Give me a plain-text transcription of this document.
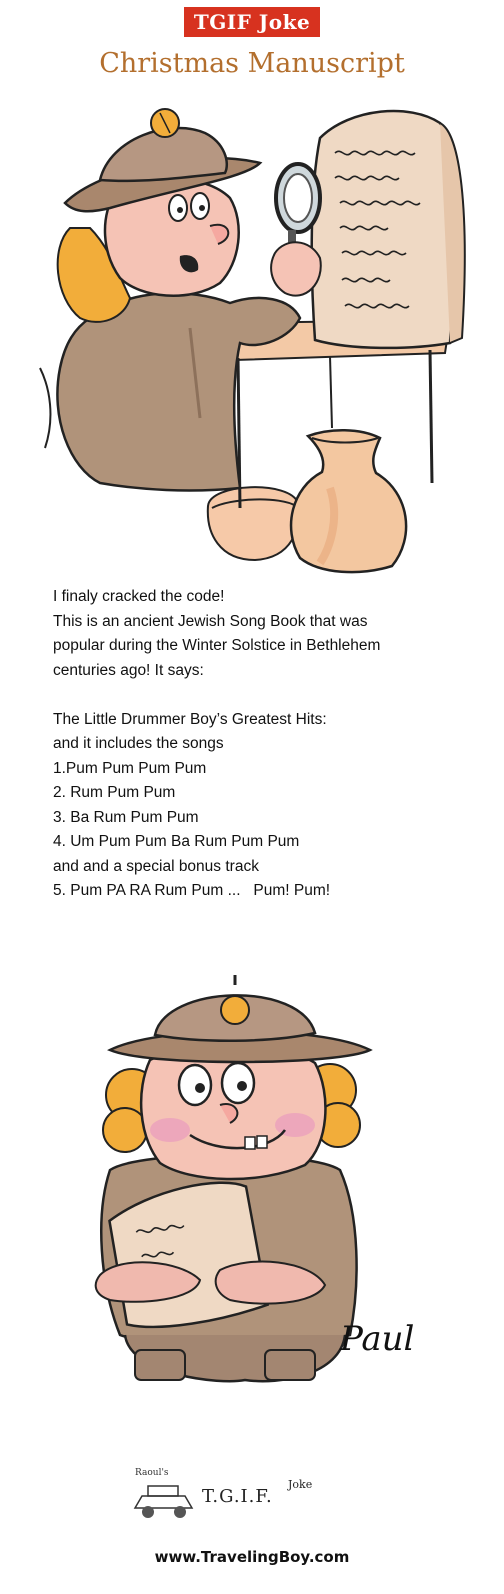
TGIF Joke
Christmas Manuscript
I finaly cracked the code!
This is an ancient Jewish Song Book that was
popular during the Winter Solstice in Bethlehem
centuries ago! It says:
The Little Drummer Boy’s Greatest Hits:
and it includes the songs
1.Pum Pum Pum Pum
2. Rum Pum Pum
3. Ba Rum Pum Pum
4. Um Pum Pum Ba Rum Pum Pum
and and a special bonus track
5. Pum PA RA Rum Pum ...   Pum! Pum!
Paul
Raoul's
T.G.I.F.
Joke
www.TravelingBoy.com
